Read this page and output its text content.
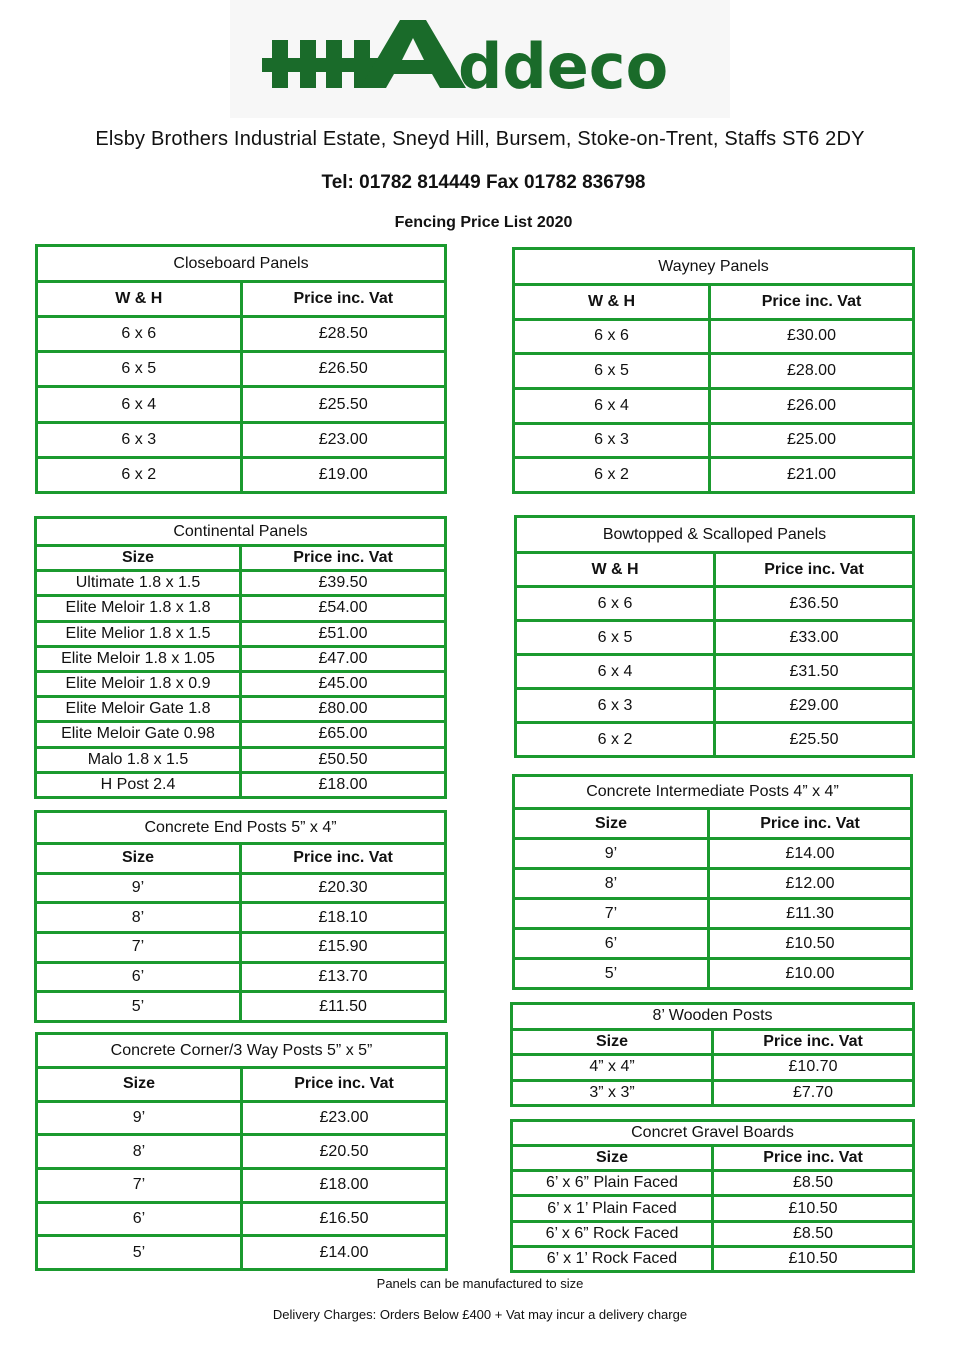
ddeco
Elsby Brothers Industrial Estate, Sneyd Hill, Bursem, Stoke-on-Trent, Staffs ST6 2DY
Tel: 01782 814449 Fax 01782 836798
Fencing Price List 2020
Closeboard Panels	
W & H	Price inc. Vat
6 x 6	£28.50
6 x 5	£26.50
6 x 4	£25.50
6 x 3	£23.00
6 x 2	£19.00
Wayney Panels	
W & H	Price inc. Vat
6 x 6	£30.00
6 x 5	£28.00
6 x 4	£26.00
6 x 3	£25.00
6 x 2	£21.00
Continental Panels	
Size	Price inc. Vat
Ultimate 1.8 x 1.5	£39.50
Elite Meloir 1.8 x 1.8	£54.00
Elite Melior 1.8 x 1.5	£51.00
Elite Meloir 1.8 x 1.05	£47.00
Elite Meloir 1.8 x 0.9	£45.00
Elite Meloir Gate 1.8	£80.00
Elite Meloir Gate 0.98	£65.00
Malo 1.8 x 1.5	£50.50
H Post 2.4	£18.00
Bowtopped & Scalloped Panels	
W & H	Price inc. Vat
6 x 6	£36.50
6 x 5	£33.00
6 x 4	£31.50
6 x 3	£29.00
6 x 2	£25.50
Concrete Intermediate Posts 4” x 4”	
Size	Price inc. Vat
9’	£14.00
8’	£12.00
7’	£11.30
6’	£10.50
5’	£10.00
Concrete End Posts 5” x 4”	
Size	Price inc. Vat
9’	£20.30
8’	£18.10
7’	£15.90
6’	£13.70
5’	£11.50
8’ Wooden Posts	
Size	Price inc. Vat
4” x 4”	£10.70
3” x 3”	£7.70
Concrete Corner/3 Way Posts 5” x 5”	
Size	Price inc. Vat
9’	£23.00
8’	£20.50
7’	£18.00
6’	£16.50
5’	£14.00
Concret Gravel Boards	
Size	Price inc. Vat
6’ x 6” Plain Faced	£8.50
6’ x 1’ Plain Faced	£10.50
6’ x 6” Rock Faced	£8.50
6’ x 1’ Rock Faced	£10.50
Panels can be manufactured to size
Delivery Charges: Orders Below £400 + Vat may incur a delivery charge
